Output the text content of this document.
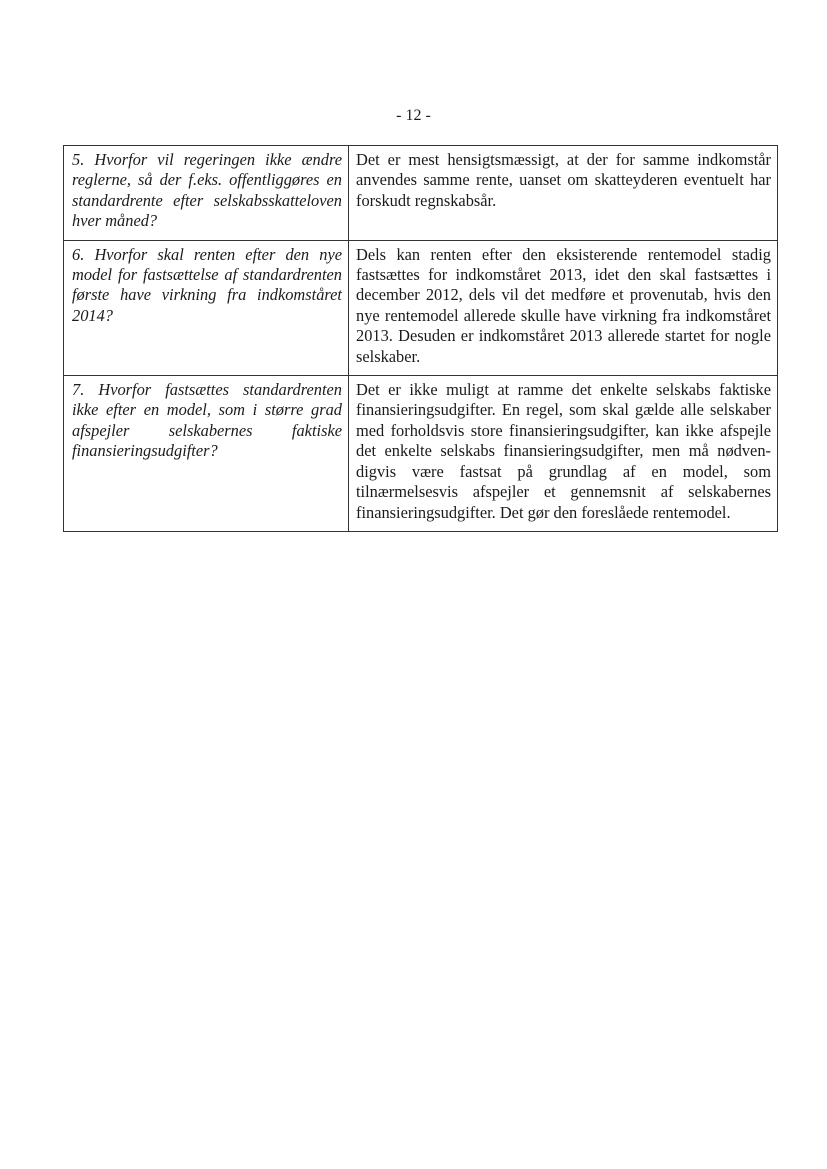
- 12 -
5. Hvorfor vil regeringen ikke ændre reglerne, så der f.eks. offentliggøres en standardrente efter selskabsskatteloven hver måned?	Det er mest hensigtsmæssigt, at der for samme indkomstår anvendes samme rente, uanset om skatteyderen eventuelt har forskudt regnskabsår.
6. Hvorfor skal renten efter den nye model for fastsættelse af standardrenten første have virkning fra indkomståret 2014?	Dels kan renten efter den eksisterende rentemodel stadig fastsættes for indkomståret 2013, idet den skal fastsættes i december 2012, dels vil det medføre et provenutab, hvis den nye rentemodel allerede skulle have virkning fra indkomståret 2013. Desuden er indkomståret 2013 allerede startet for nogle selskaber.
7. Hvorfor fastsættes standardrenten ikke efter en model, som i større grad afspejler selskabernes faktiske finansieringsudgifter?	Det er ikke muligt at ramme det enkelte selskabs faktiske finansieringsudgifter. En regel, som skal gælde alle selskaber med forholdsvis store finansieringsudgifter, kan ikke afspejle det enkelte selskabs finansieringsudgifter, men må nødvendigvis være fastsat på grundlag af en model, som tilnærmelsesvis afspejler et gennemsnit af selskabernes finansieringsudgifter. Det gør den foreslåede rentemodel.
